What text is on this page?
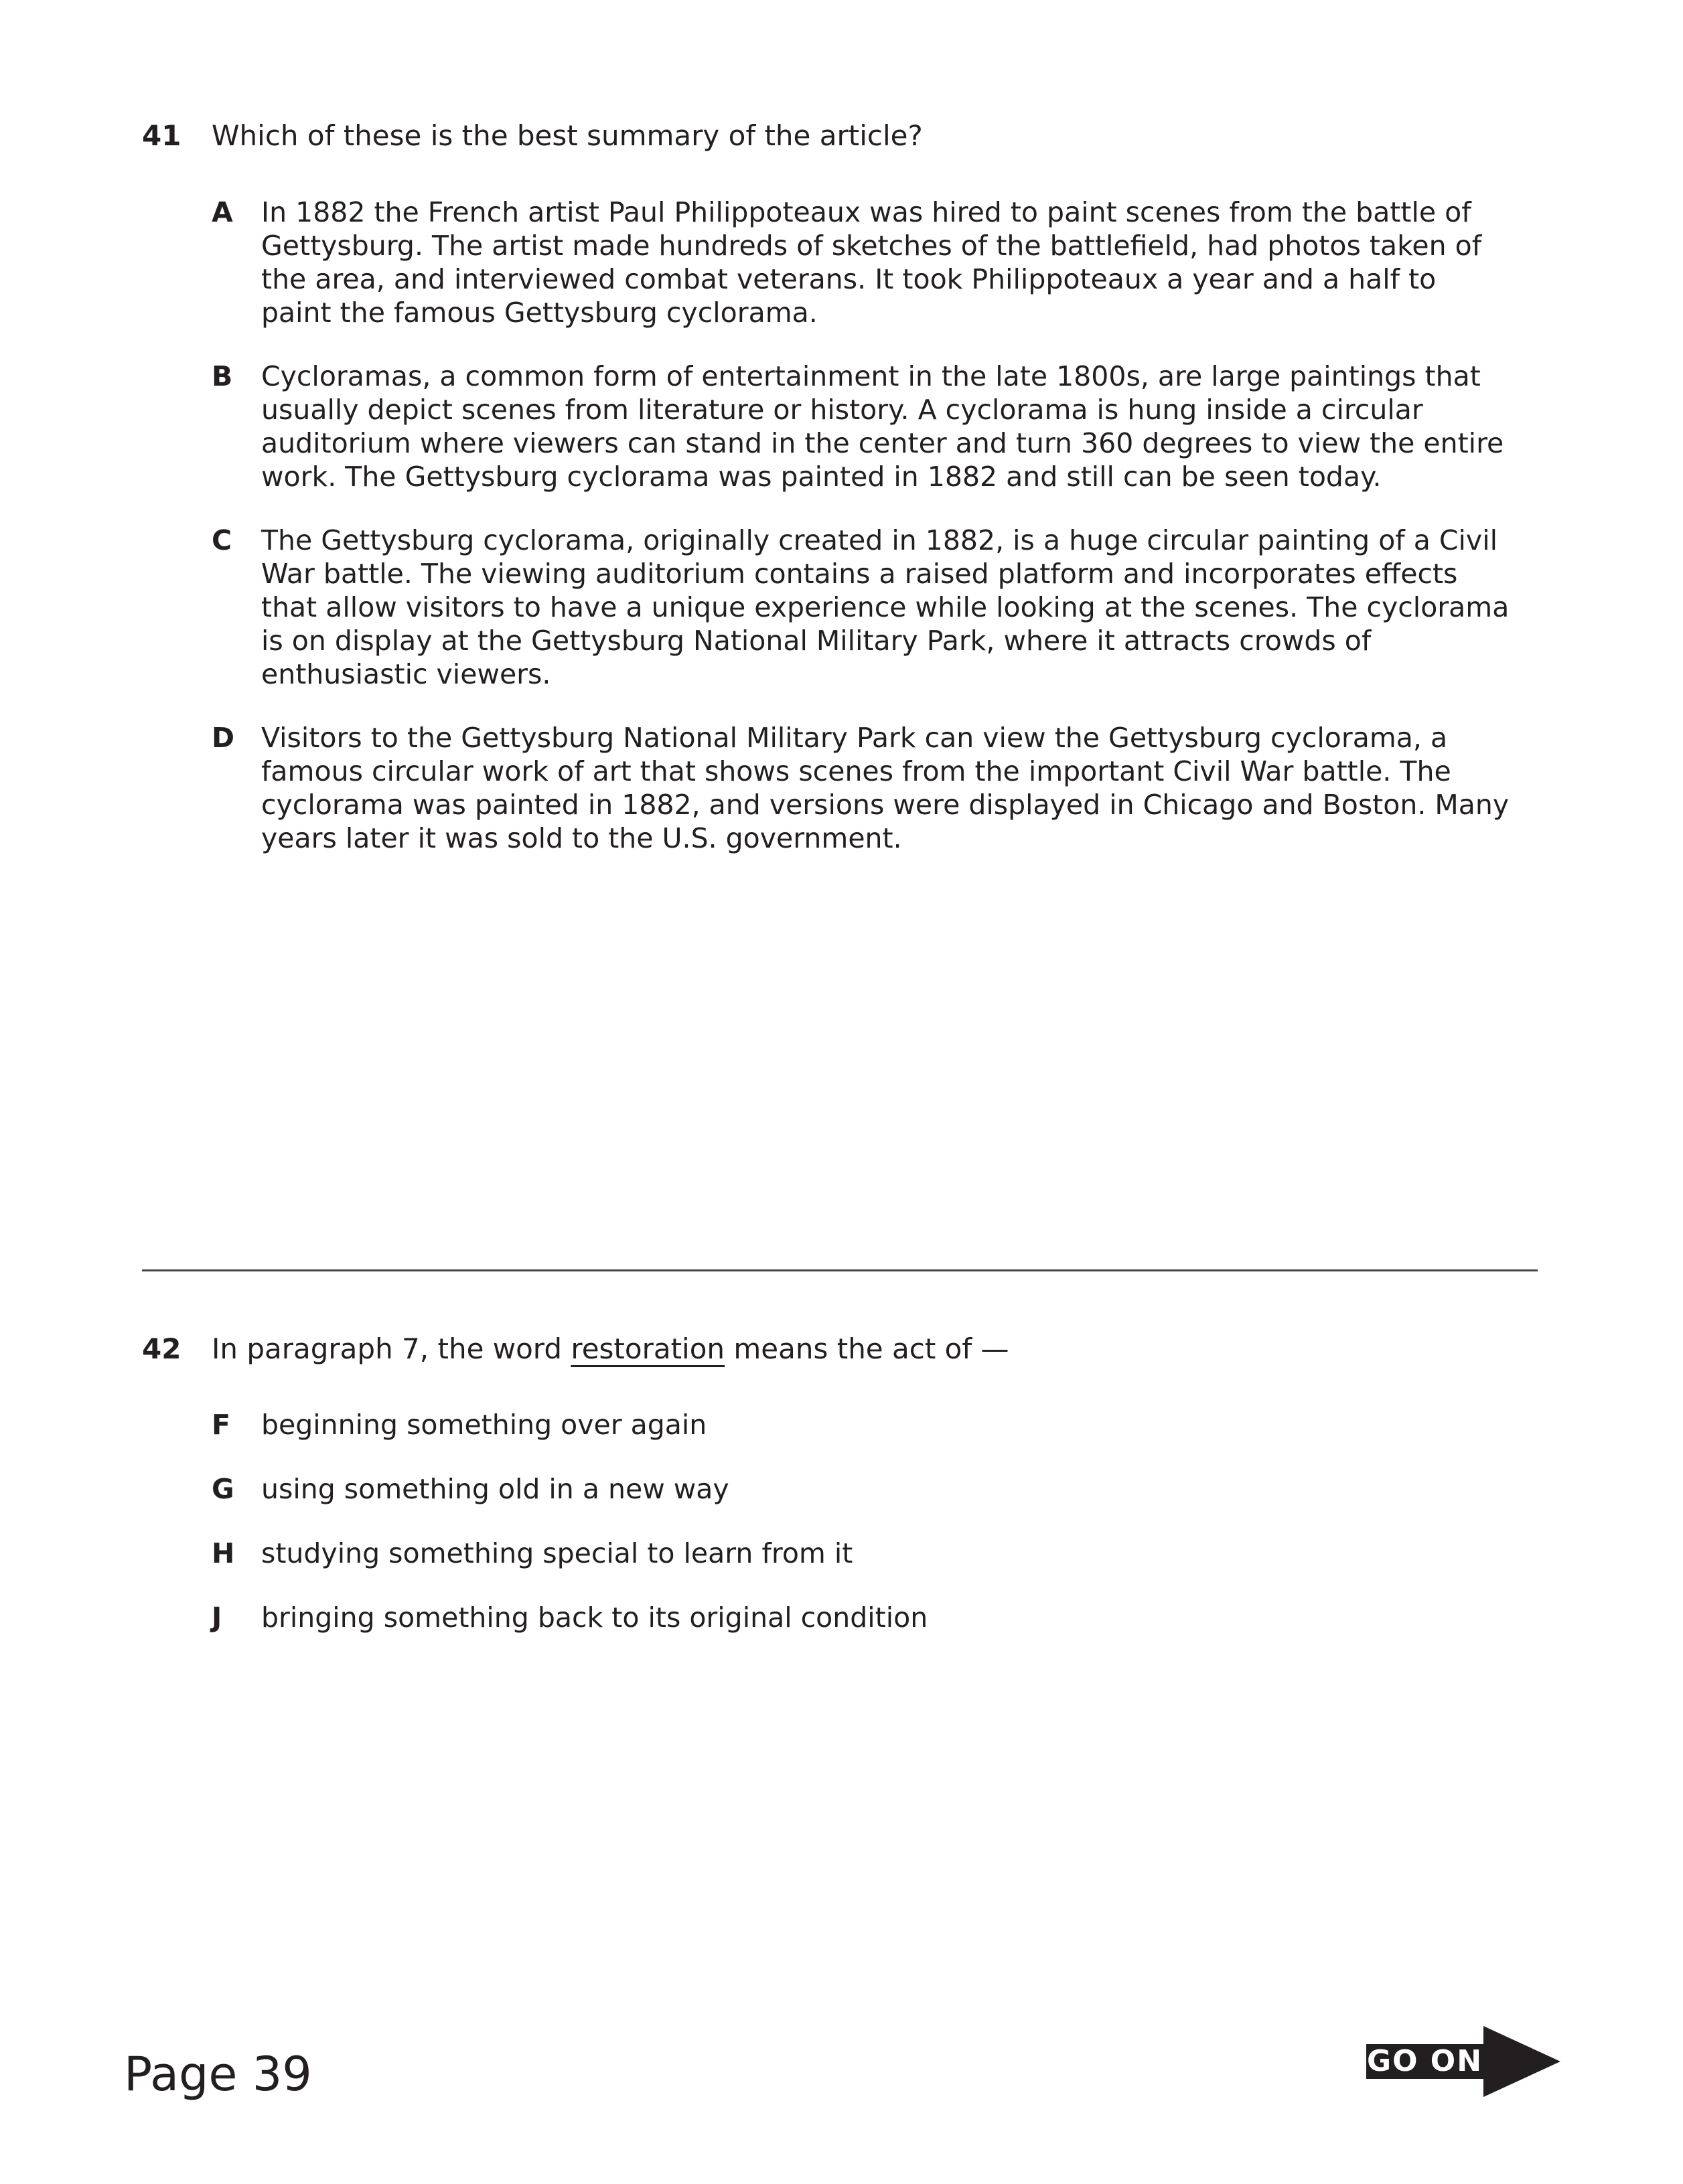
41 Which of these is the best summary of the article?
A	In 1882 the French artist Paul Philippoteaux was hired to paint scenes from the battle of
Gettysburg. The artist made hundreds of sketches of the battlefield, had photos taken of
the area, and interviewed combat veterans. It took Philippoteaux a year and a half to
paint the famous Gettysburg cyclorama.
B	Cycloramas, a common form of entertainment in the late 1800s, are large paintings that
usually depict scenes from literature or history. A cyclorama is hung inside a circular
auditorium where viewers can stand in the center and turn 360 degrees to view the entire
work. The Gettysburg cyclorama was painted in 1882 and still can be seen today.
C	The Gettysburg cyclorama, originally created in 1882, is a huge circular painting of a Civil
War battle. The viewing auditorium contains a raised platform and incorporates effects
that allow visitors to have a unique experience while looking at the scenes. The cyclorama
is on display at the Gettysburg National Military Park, where it attracts crowds of
enthusiastic viewers.
D Visitors to the Gettysburg National Military Park can view the Gettysburg cyclorama, a
famous circular work of art that shows scenes from the important Civil War battle. The
cyclorama was painted in 1882, and versions were displayed in Chicago and Boston. Many
years later it was sold to the U.S. government.
42 In paragraph 7, the word restoration means the act of —
F	beginning something over again
G using something old in a new way
H studying something special to learn from it
J	bringing something back to its original condition
Page 39	GO ON
